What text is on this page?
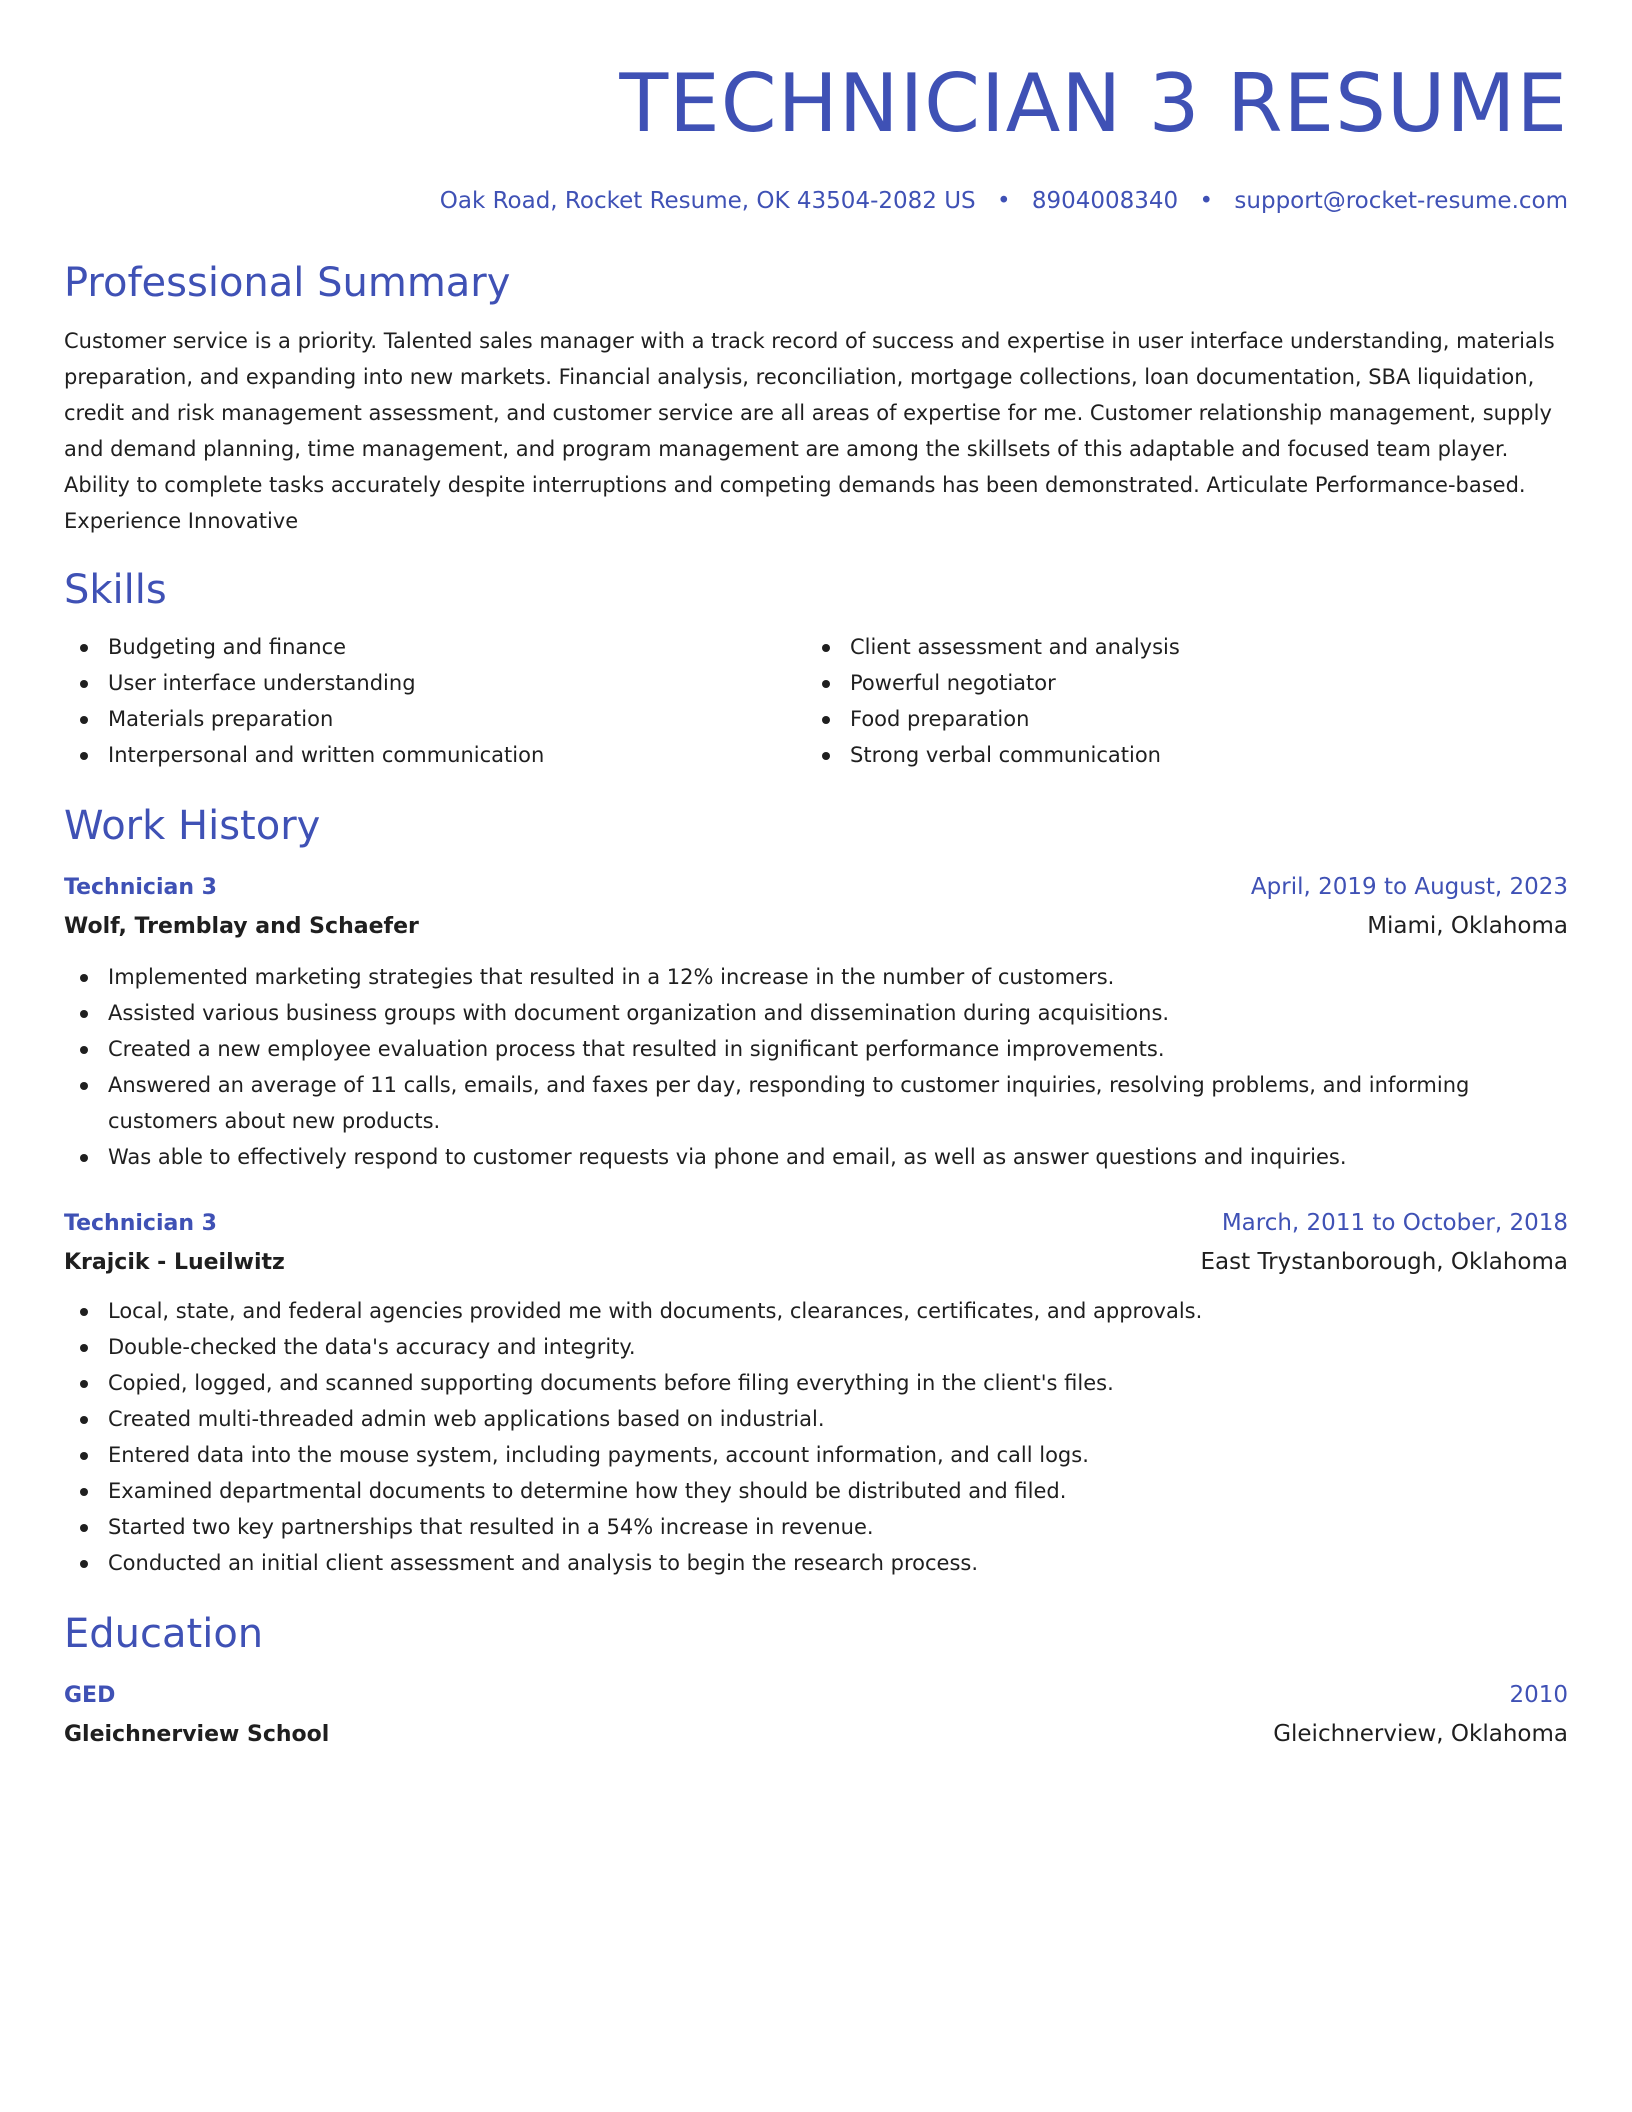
TECHNICIAN 3 RESUME
Oak Road, Rocket Resume, OK 43504-2082 US • 8904008340 • support@rocket-resume.com
Professional Summary
Customer service is a priority. Talented sales manager with a track record of success and expertise in user interface understanding, materials preparation, and expanding into new markets. Financial analysis, reconciliation, mortgage collections, loan documentation, SBA liquidation, credit and risk management assessment, and customer service are all areas of expertise for me. Customer relationship management, supply and demand planning, time management, and program management are among the skillsets of this adaptable and focused team player. Ability to complete tasks accurately despite interruptions and competing demands has been demonstrated. Articulate Performance-based. Experience Innovative
Skills
Budgeting and finance
User interface understanding
Materials preparation
Interpersonal and written communication
Client assessment and analysis
Powerful negotiator
Food preparation
Strong verbal communication
Work History
Technician 3	April, 2019 to August, 2023
Wolf, Tremblay and Schaefer	Miami, Oklahoma
Implemented marketing strategies that resulted in a 12% increase in the number of customers.
Assisted various business groups with document organization and dissemination during acquisitions.
Created a new employee evaluation process that resulted in significant performance improvements.
Answered an average of 11 calls, emails, and faxes per day, responding to customer inquiries, resolving problems, and informing customers about new products.
Was able to effectively respond to customer requests via phone and email, as well as answer questions and inquiries.
Technician 3	March, 2011 to October, 2018
Krajcik - Lueilwitz	East Trystanborough, Oklahoma
Local, state, and federal agencies provided me with documents, clearances, certificates, and approvals.
Double-checked the data's accuracy and integrity.
Copied, logged, and scanned supporting documents before filing everything in the client's files.
Created multi-threaded admin web applications based on industrial.
Entered data into the mouse system, including payments, account information, and call logs.
Examined departmental documents to determine how they should be distributed and filed.
Started two key partnerships that resulted in a 54% increase in revenue.
Conducted an initial client assessment and analysis to begin the research process.
Education
GED	2010
Gleichnerview School	Gleichnerview, Oklahoma
